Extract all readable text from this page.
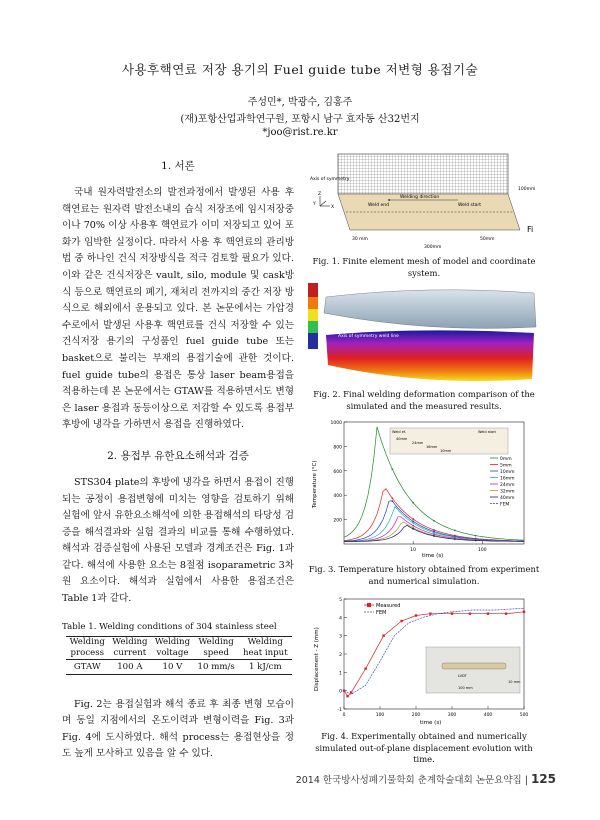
사용후핵연료 저장 용기의 Fuel guide tube 저변형 용접기술
주성민*, 박광수, 김홍주
(재)포항산업과학연구원, 포항시 남구 효자동 산32번지
*joo@rist.re.kr
1. 서론

국내 원자력발전소의 발전과정에서 발생된 사용 후 핵연료는 원자력 발전소내의 습식 저장조에 임시저장중이나 70% 이상 사용후 핵연료가 이미 저장되고 있어 포화가 임박한 실정이다. 따라서 사용 후 핵연료의 관리방법 중 하나인 건식 저장방식을 적극 검토할 필요가 있다. 이와 같은 건식저장은 vault, silo, module 및 cask방식 등으로 핵연료의 폐기, 재처리 전까지의 중간 저장 방식으로 해외에서 운용되고 있다. 본 논문에서는 가압경수로에서 발생된 사용후 핵연료를 건식 저장할 수 있는 건식저장 용기의 구성품인 fuel guide tube 또는 basket으로 불리는 부재의 용접기술에 관한 것이다. fuel guide tube의 용접은 통상 laser beam용접을 적용하는데 본 논문에서는 GTAW를 적용하면서도 변형은 laser 용접과 동등이상으로 저감할 수 있도록 용접부 후방에 냉각을 가하면서 용접을 진행하였다.

2. 용접부 유한요소해석과 검증

STS304 plate의 후방에 냉각을 하면서 용접이 진행되는 공정이 용접변형에 미치는 영향을 검토하기 위해 실험에 앞서 유한요소해석에 의한 용접해석의 타당성 검증을 해석결과와 실험 결과의 비교를 통해 수행하였다. 해석과 검증실험에 사용된 모델과 경계조건은 Fig. 1과 같다. 해석에 사용한 요소는 8절점 isoparametric 3차원 요소이다. 해석과 실험에서 사용한 용접조건은 Table 1과 같다.

Table 1. Welding conditions of 304 stainless steel
Welding	Welding	Welding	Welding	Welding
process	current	voltage	speed	heat input
GTAW	100 A	10 V	10 mm/s	1 kJ/cm

Fig. 2는 용접실험과 해석 종료 후 최종 변형 모습이며 동일 지점에서의 온도이력과 변형이력을 Fig. 3과 Fig. 4에 도시하였다. 해석 process는 용접현상을 정도 높게 모사하고 있음을 알 수 있다.

Axis of symmetry
Welding direction
Weld end	Weld start
30 mm	50mm
300mm
100mm
Fi
X
Y
Z
Fig. 1. Finite element mesh of model and coordinate system.
Axis of symmetry weld line
Fig. 2. Final welding deformation comparison of the simulated and the measured results.
200
400
600
800
1000
10	100
0mm
5mm
10mm
16mm
24mm
32mm
40mm
FEM
Weld ef.	Weld start
40mm
24mm
16mm
10mm
Temperature (°C)
time (s)
Fig. 3. Temperature history obtained from experiment and numerical simulation.
-1
0
1
2
3
4
5
0	100	200	300	400	500
Measured
FEM
LVDT
100 mm
10 mm
Displacement - Z (mm)
time (s)
Fig. 4. Experimentally obtained and numerically simulated out-of-plane displacement evolution with time.
2014 한국방사성폐기물학회 춘계학술대회 논문요약집 | 125
